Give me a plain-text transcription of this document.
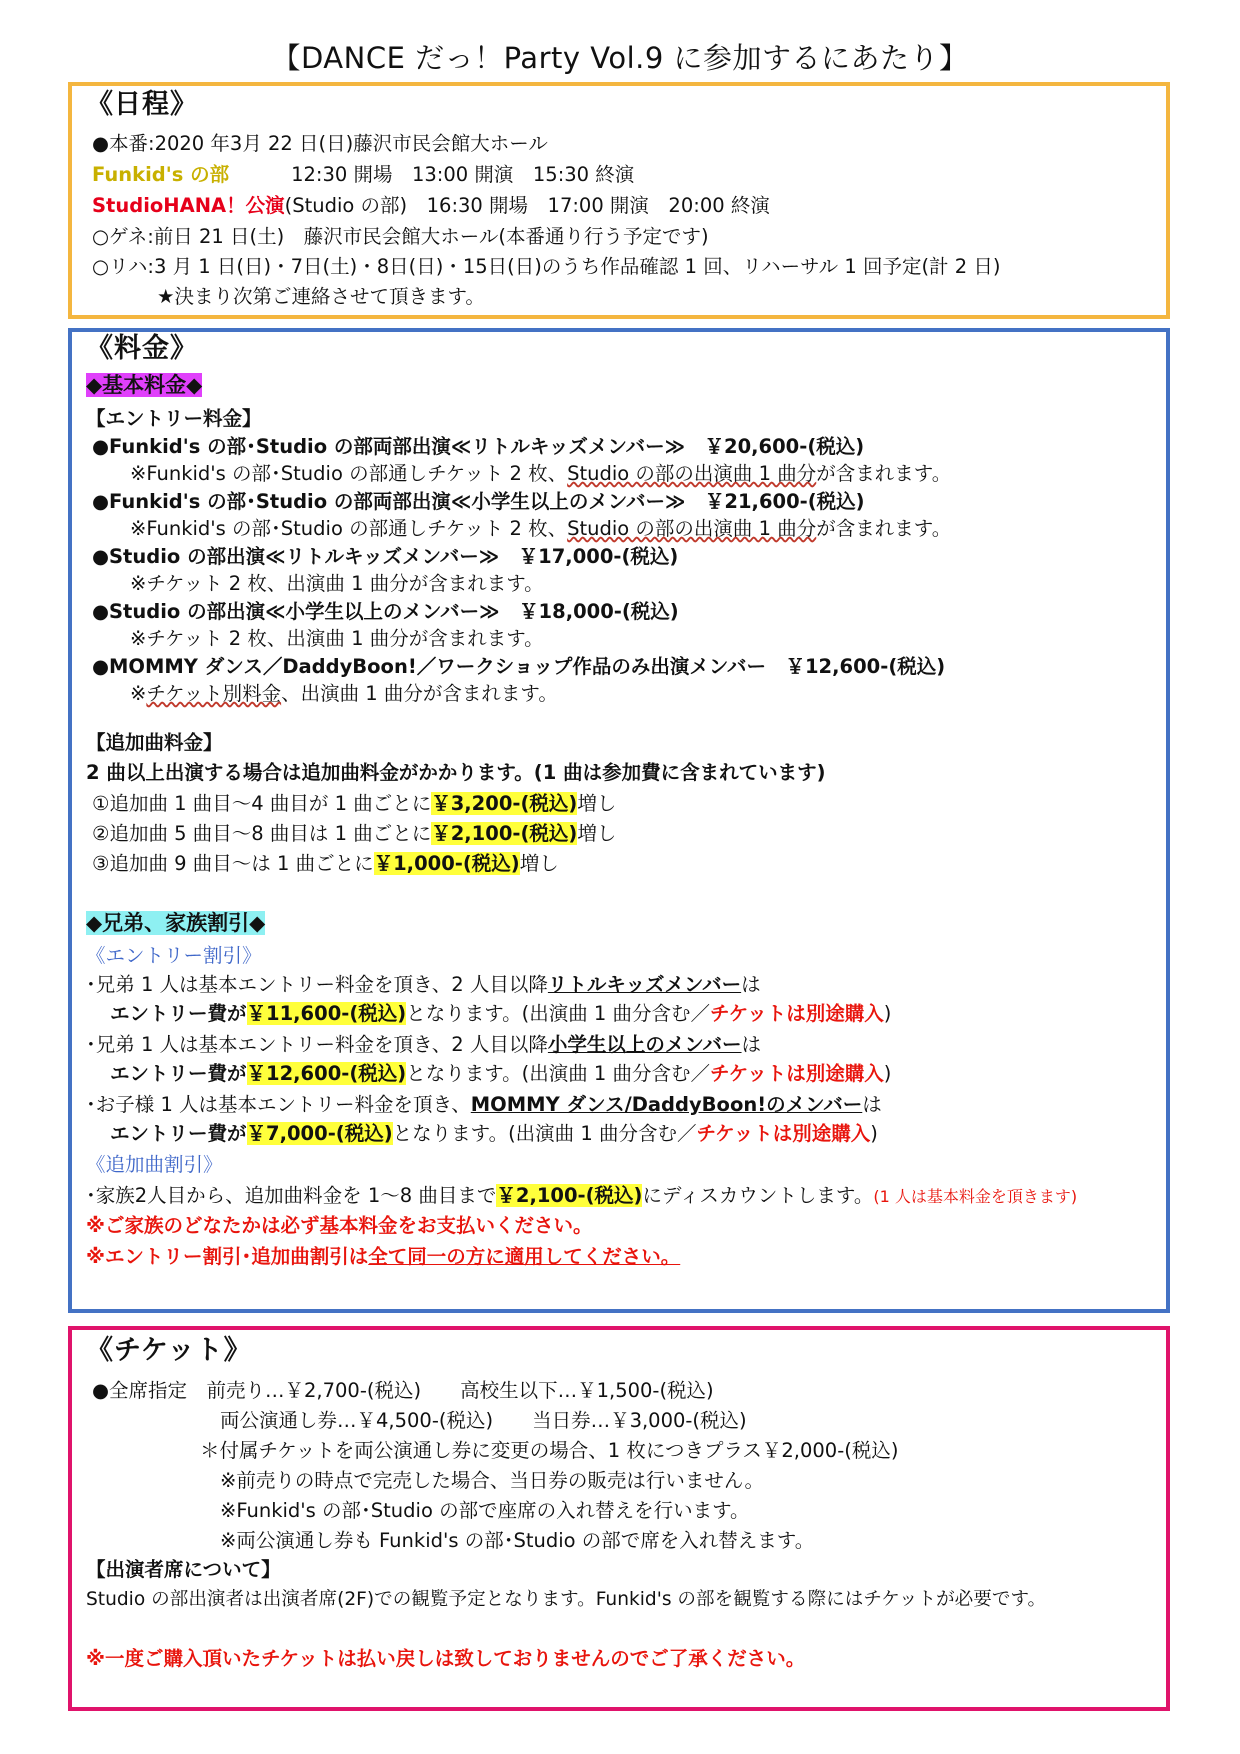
【DANCE だっ！Party Vol.9 に参加するにあたり】
《日程》
●本番:2020 年3月 22 日(日)藤沢市民会館大ホール
Funkid's の部	12:30 開場　13:00 開演　15:30 終演
StudioHANA！公演(Studio の部)　16:30 開場　17:00 開演　20:00 終演
○ゲネ:前日 21 日(土)　藤沢市民会館大ホール(本番通り行う予定です)
○リハ:3 月 1 日(日)・7日(土)・8日(日)・15日(日)のうち作品確認 1 回、リハーサル 1 回予定(計 2 日)
★決まり次第ご連絡させて頂きます。
《料金》
◆基本料金◆
【エントリー料金】
●Funkid's の部･Studio の部両部出演≪リトルキッズメンバー≫　￥20,600-(税込)
※Funkid's の部･Studio の部通しチケット 2 枚、Studio の部の出演曲 1 曲分が含まれます。
●Funkid's の部･Studio の部両部出演≪小学生以上のメンバー≫　￥21,600-(税込)
※Funkid's の部･Studio の部通しチケット 2 枚、Studio の部の出演曲 1 曲分が含まれます。
●Studio の部出演≪リトルキッズメンバー≫　￥17,000-(税込)
※チケット 2 枚、出演曲 1 曲分が含まれます。
●Studio の部出演≪小学生以上のメンバー≫　￥18,000-(税込)
※チケット 2 枚、出演曲 1 曲分が含まれます。
●MOMMY ダンス／DaddyBoon!／ワークショップ作品のみ出演メンバー　￥12,600-(税込)
※チケット別料金、出演曲 1 曲分が含まれます。
【追加曲料金】
2 曲以上出演する場合は追加曲料金がかかります。(1 曲は参加費に含まれています)
①追加曲 1 曲目～4 曲目が 1 曲ごとに￥3,200-(税込)増し
②追加曲 5 曲目～8 曲目は 1 曲ごとに￥2,100-(税込)増し
③追加曲 9 曲目～は 1 曲ごとに￥1,000-(税込)増し
◆兄弟、家族割引◆
《エントリー割引》
･兄弟 1 人は基本エントリー料金を頂き、2 人目以降リトルキッズメンバーは
エントリー費が￥11,600-(税込)となります。(出演曲 1 曲分含む／チケットは別途購入)
･兄弟 1 人は基本エントリー料金を頂き、2 人目以降小学生以上のメンバーは
エントリー費が￥12,600-(税込)となります。(出演曲 1 曲分含む／チケットは別途購入)
･お子様 1 人は基本エントリー料金を頂き、MOMMY ダンス/DaddyBoon!のメンバーは
エントリー費が￥7,000-(税込)となります。(出演曲 1 曲分含む／チケットは別途購入)
《追加曲割引》
･家族2人目から、追加曲料金を 1～8 曲目まで￥2,100-(税込)にディスカウントします。(1 人は基本料金を頂きます)
※ご家族のどなたかは必ず基本料金をお支払いください。
※エントリー割引･追加曲割引は全て同一の方に適用してください。
《チケット》
●全席指定　前売り…￥2,700-(税込)　　高校生以下…￥1,500-(税込)
両公演通し券…￥4,500-(税込)　　当日券…￥3,000-(税込)
＊付属チケットを両公演通し券に変更の場合、1 枚につきプラス￥2,000-(税込)
※前売りの時点で完売した場合、当日券の販売は行いません。
※Funkid's の部･Studio の部で座席の入れ替えを行います。
※両公演通し券も Funkid's の部･Studio の部で席を入れ替えます。
【出演者席について】
Studio の部出演者は出演者席(2F)での観覧予定となります。Funkid's の部を観覧する際にはチケットが必要です。
※一度ご購入頂いたチケットは払い戻しは致しておりませんのでご了承ください。
